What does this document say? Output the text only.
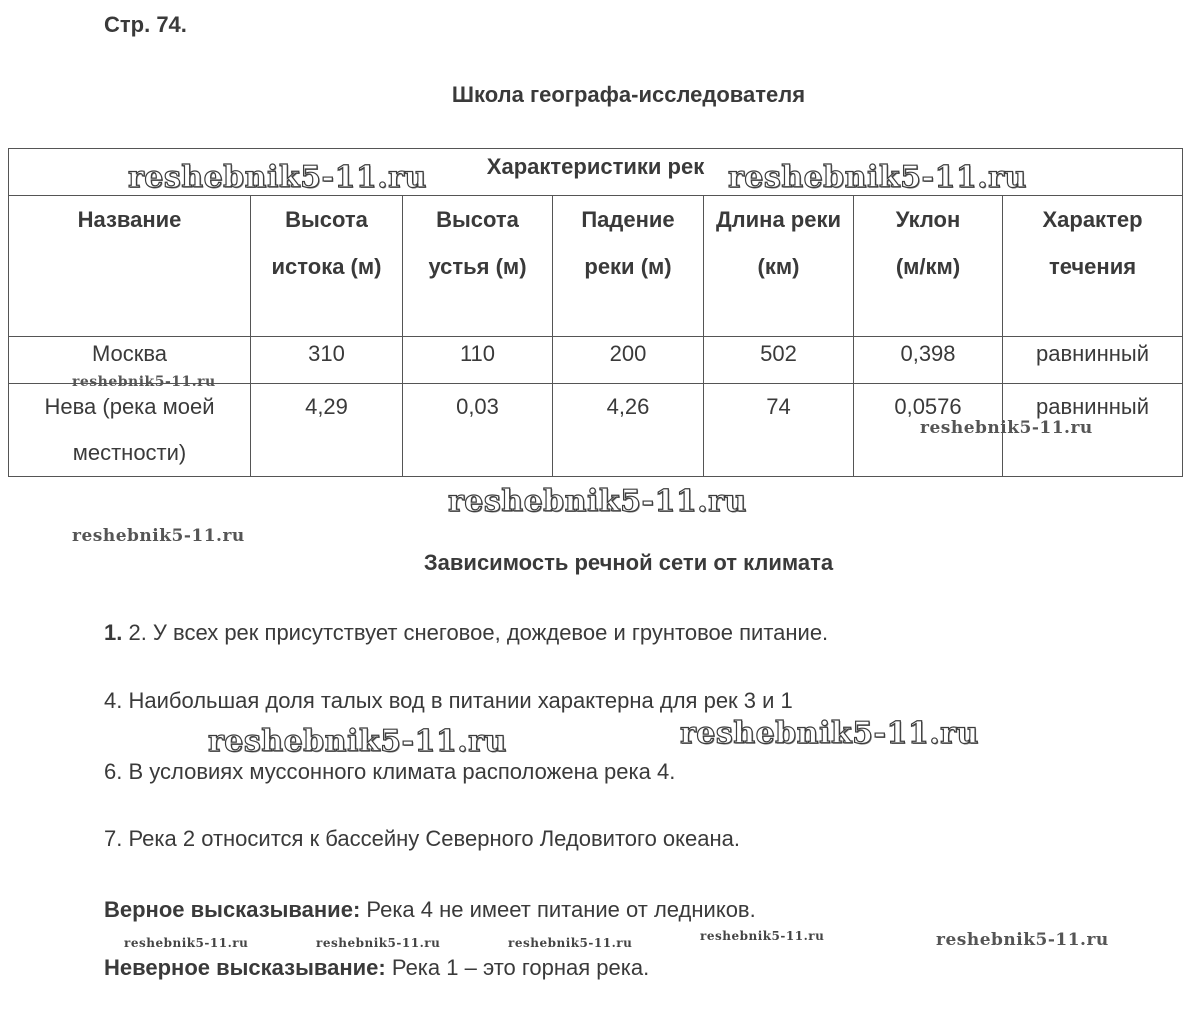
Стр. 74.
Школа географа-исследователя
Характеристики рек						

Название	Высота истока (м)	Высота устья (м)	Падение реки (м)	Длина реки (км)	Уклон (м/км)	Характер течения

Москва	310	110	200	502	0,398	равнинный

Нева (река моей местности)	4,29	0,03	4,26	74	0,0576	равнинный
Зависимость речной сети от климата
1. 2. У всех рек присутствует снеговое, дождевое и грунтовое питание.
4. Наибольшая доля талых вод в питании характерна для рек 3 и 1
6. В условиях муссонного климата расположена река 4.
7. Река 2 относится к бассейну Северного Ледовитого океана.
Верное высказывание: Река 4 не имеет питание от ледников.
Неверное высказывание: Река 1 – это горная река.
reshebnik5-11.ru	reshebnik5-11.ru
reshebnik5-11.ru
reshebnik5-11.ru
reshebnik5-11.ru
reshebnik5-11.ru
reshebnik5-11.ru	reshebnik5-11.ru
reshebnik5-11.ru	reshebnik5-11.ru	reshebnik5-11.ru	reshebnik5-11.ru	reshebnik5-11.ru
